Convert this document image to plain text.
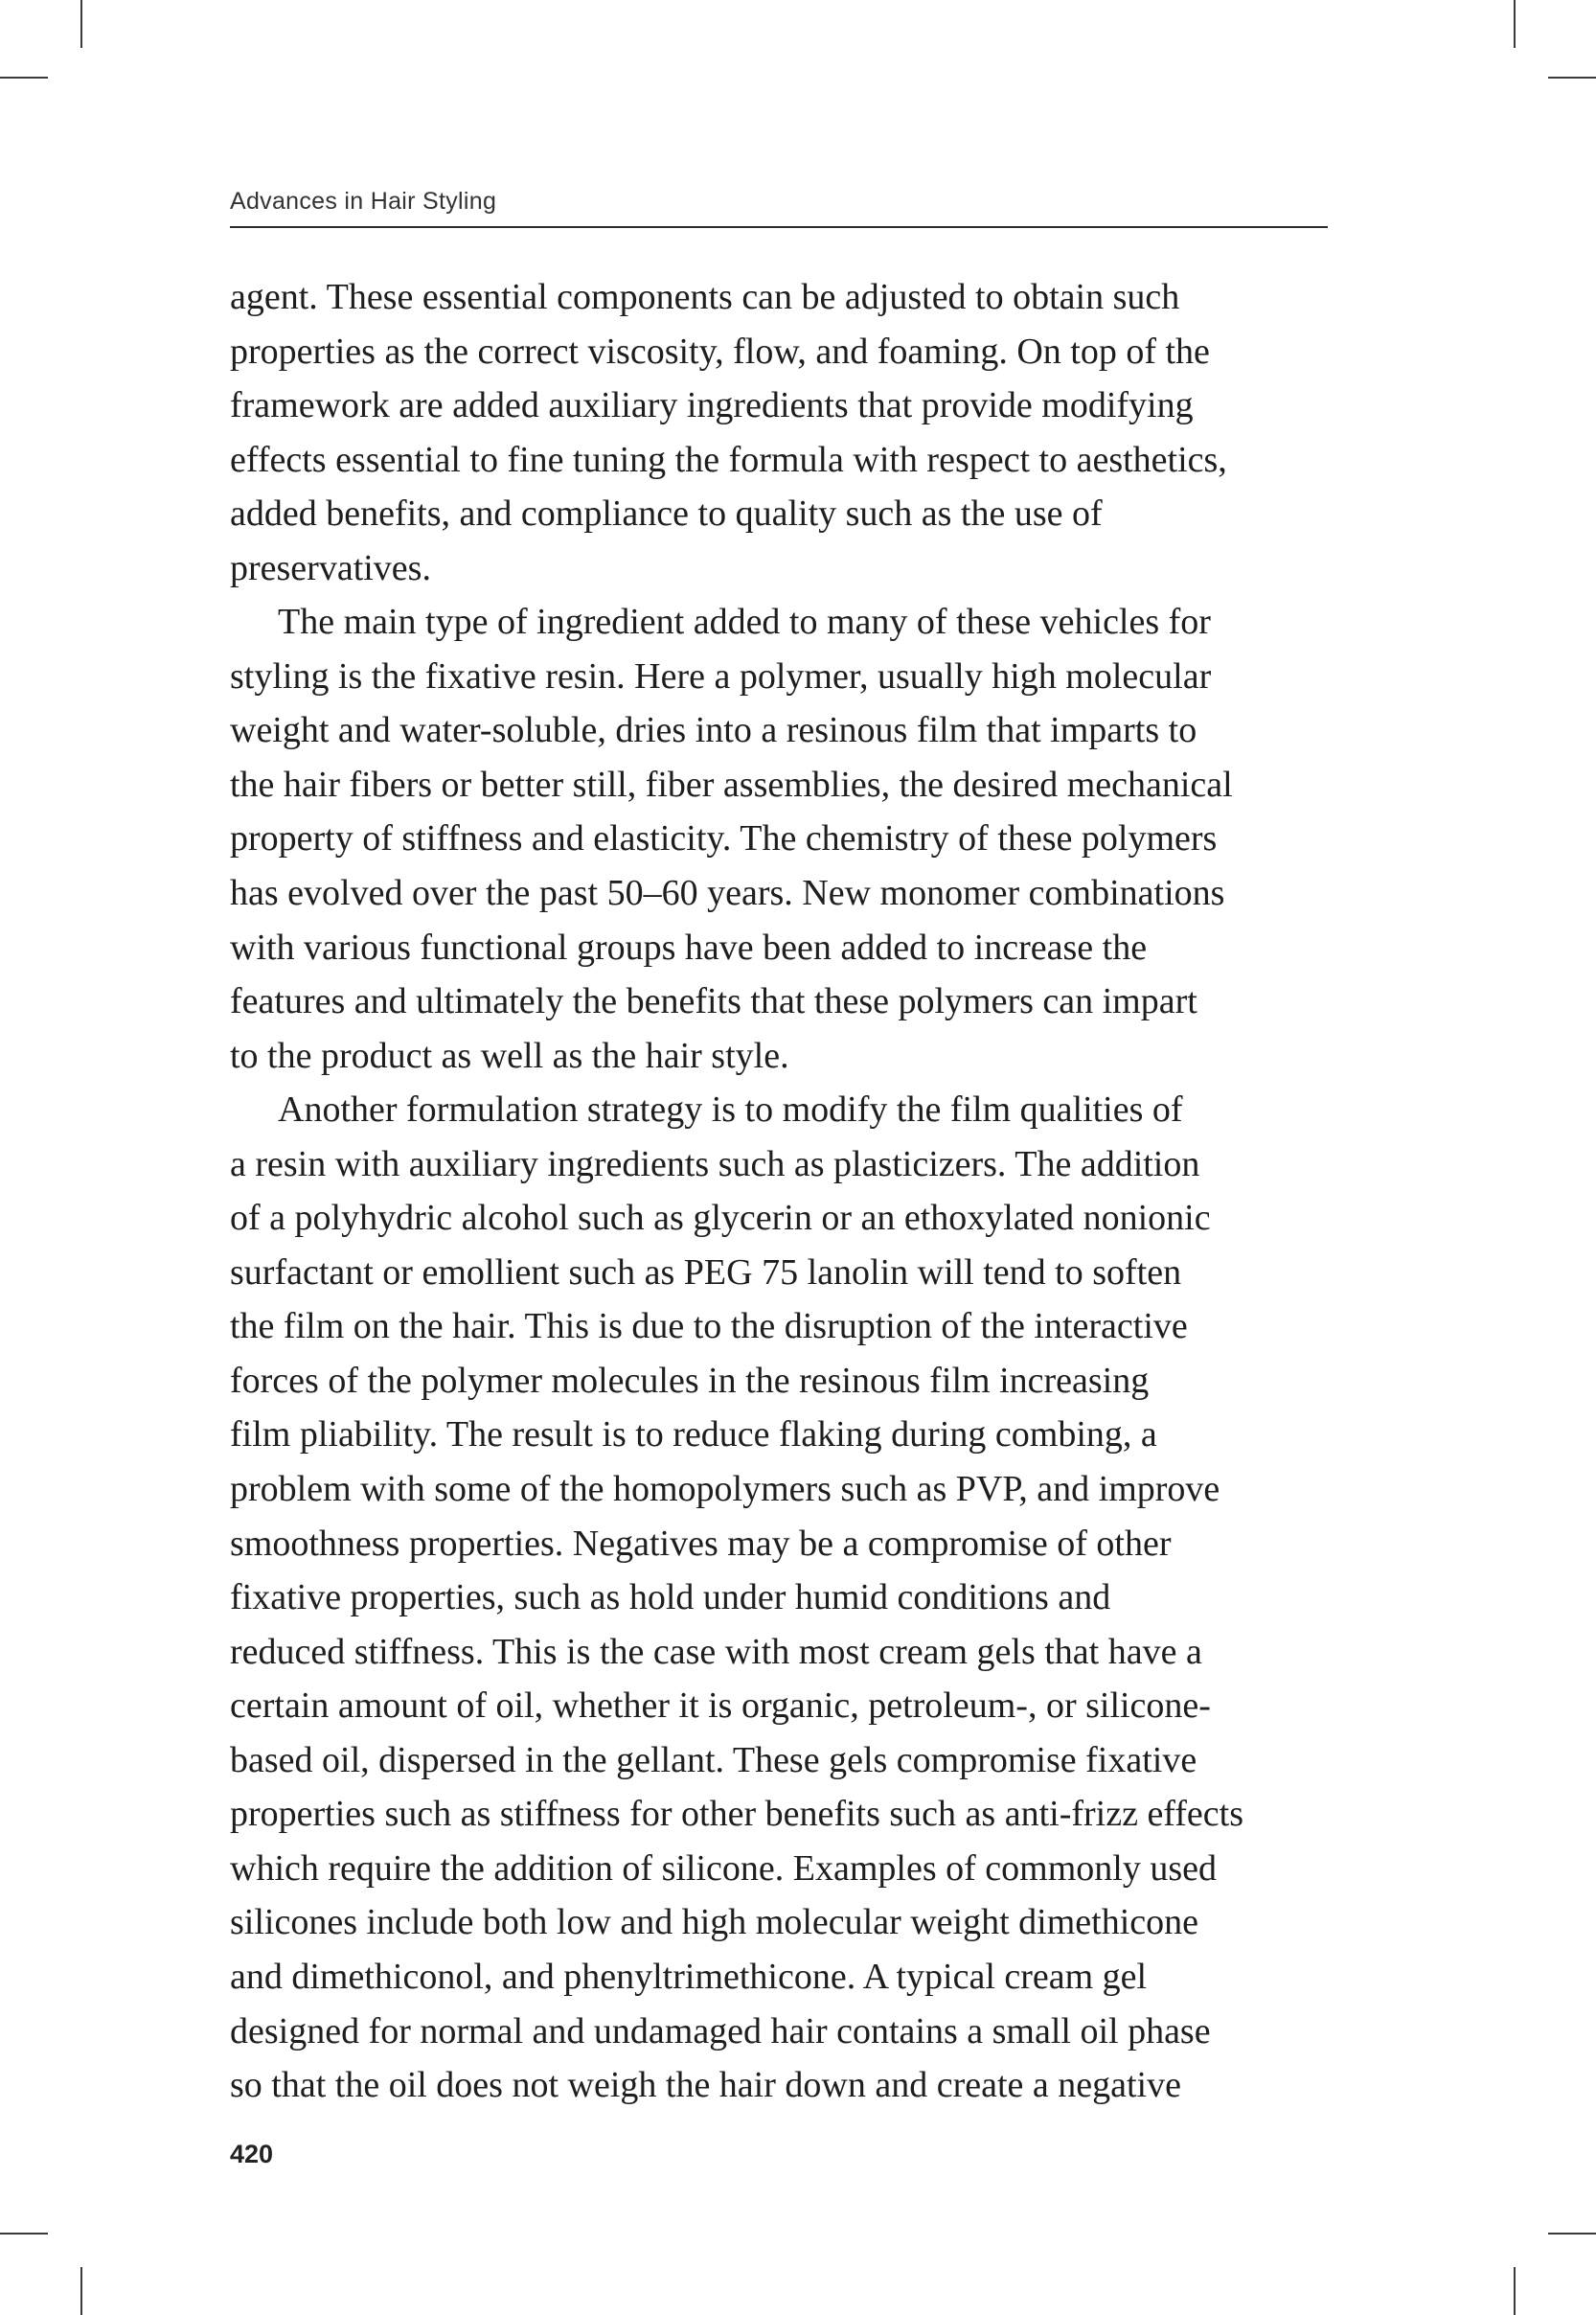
Advances in Hair Styling

agent. These essential components can be adjusted to obtain such
properties as the correct viscosity, flow, and foaming. On top of the
framework are added auxiliary ingredients that provide modifying
effects essential to fine tuning the formula with respect to aesthetics,
added benefits, and compliance to quality such as the use of
preservatives.

The main type of ingredient added to many of these vehicles for
styling is the fixative resin. Here a polymer, usually high molecular
weight and water-soluble, dries into a resinous film that imparts to
the hair fibers or better still, fiber assemblies, the desired mechanical
property of stiffness and elasticity. The chemistry of these polymers
has evolved over the past 50–60 years. New monomer combinations
with various functional groups have been added to increase the
features and ultimately the benefits that these polymers can impart
to the product as well as the hair style.

Another formulation strategy is to modify the film qualities of
a resin with auxiliary ingredients such as plasticizers. The addition
of a polyhydric alcohol such as glycerin or an ethoxylated nonionic
surfactant or emollient such as PEG 75 lanolin will tend to soften
the film on the hair. This is due to the disruption of the interactive
forces of the polymer molecules in the resinous film increasing
film pliability. The result is to reduce flaking during combing, a
problem with some of the homopolymers such as PVP, and improve
smoothness properties. Negatives may be a compromise of other
fixative properties, such as hold under humid conditions and
reduced stiffness. This is the case with most cream gels that have a
certain amount of oil, whether it is organic, petroleum-, or silicone-
based oil, dispersed in the gellant. These gels compromise fixative
properties such as stiffness for other benefits such as anti-frizz effects
which require the addition of silicone. Examples of commonly used
silicones include both low and high molecular weight dimethicone
and dimethiconol, and phenyltrimethicone. A typical cream gel
designed for normal and undamaged hair contains a small oil phase
so that the oil does not weigh the hair down and create a negative

420
